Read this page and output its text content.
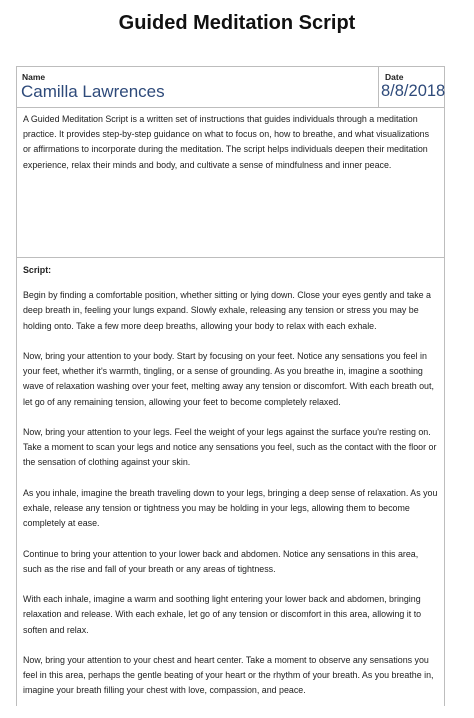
Guided Meditation Script
Name
Camilla Lawrences
Date
8/8/2018
A Guided Meditation Script is a written set of instructions that guides individuals through a meditation practice. It provides step-by-step guidance on what to focus on, how to breathe, and what visualizations or affirmations to incorporate during the meditation. The script helps individuals deepen their meditation experience, relax their minds and body, and cultivate a sense of mindfulness and inner peace.

Script:

Begin by finding a comfortable position, whether sitting or lying down. Close your eyes gently and take a deep breath in, feeling your lungs expand. Slowly exhale, releasing any tension or stress you may be holding onto. Take a few more deep breaths, allowing your body to relax with each exhale.

Now, bring your attention to your body. Start by focusing on your feet. Notice any sensations you feel in your feet, whether it's warmth, tingling, or a sense of grounding. As you breathe in, imagine a soothing wave of relaxation washing over your feet, melting away any tension or discomfort. With each breath out, let go of any remaining tension, allowing your feet to become completely relaxed.

Now, bring your attention to your legs. Feel the weight of your legs against the surface you're resting on. Take a moment to scan your legs and notice any sensations you feel, such as the contact with the floor or the sensation of clothing against your skin.

As you inhale, imagine the breath traveling down to your legs, bringing a deep sense of relaxation. As you exhale, release any tension or tightness you may be holding in your legs, allowing them to become completely at ease.

Continue to bring your attention to your lower back and abdomen. Notice any sensations in this area, such as the rise and fall of your breath or any areas of tightness.

With each inhale, imagine a warm and soothing light entering your lower back and abdomen, bringing relaxation and release. With each exhale, let go of any tension or discomfort in this area, allowing it to soften and relax.

Now, bring your attention to your chest and heart center. Take a moment to observe any sensations you feel in this area, perhaps the gentle beating of your heart or the rhythm of your breath. As you breathe in, imagine your breath filling your chest with love, compassion, and peace.
